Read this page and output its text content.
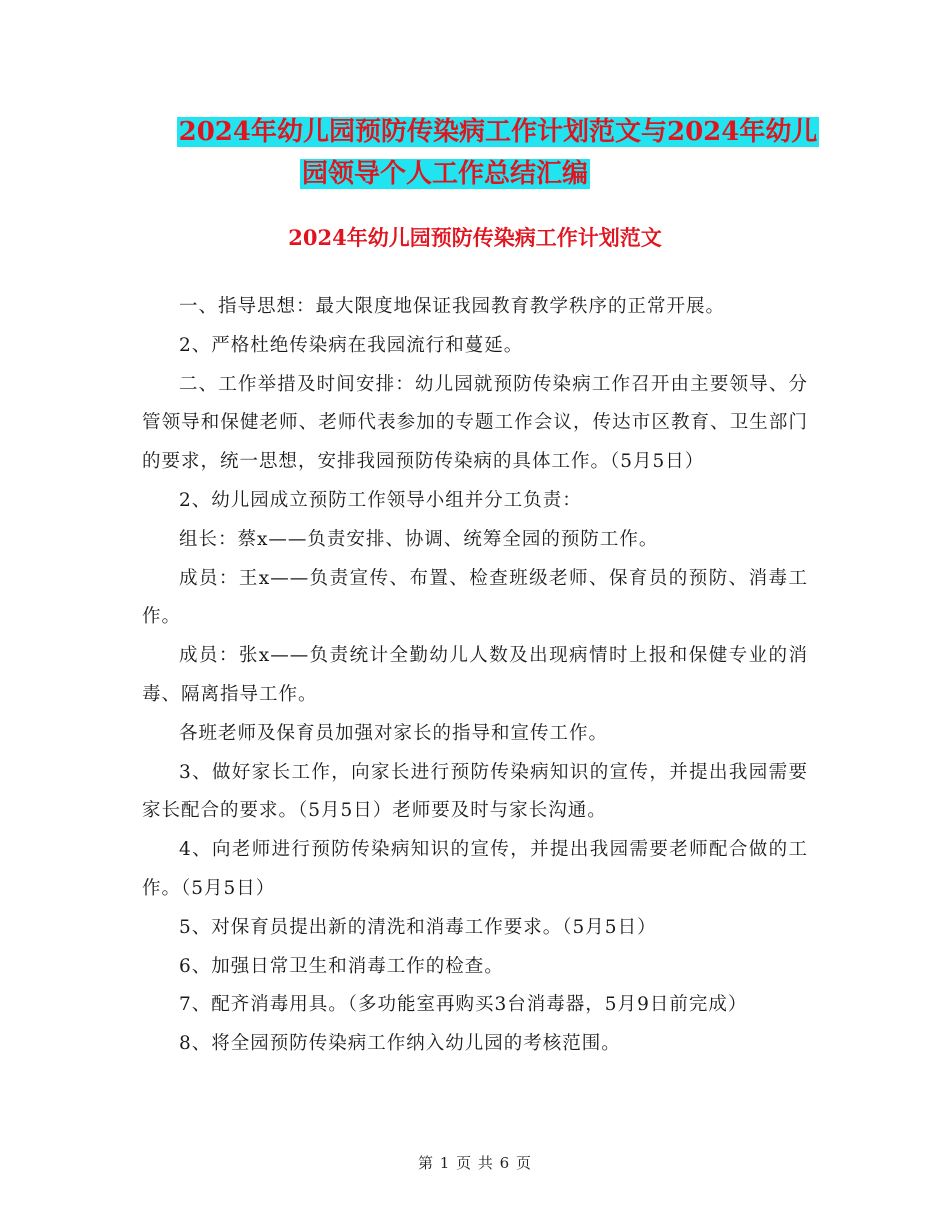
2024年幼儿园预防传染病工作计划范文与2024年幼儿
园领导个人工作总结汇编
2024年幼儿园预防传染病工作计划范文

一、指导思想：最大限度地保证我园教育教学秩序的正常开展。

2、严格杜绝传染病在我园流行和蔓延。

二、工作举措及时间安排：幼儿园就预防传染病工作召开由主要领导、分管领导和保健老师、老师代表参加的专题工作会议，传达市区教育、卫生部门的要求，统一思想，安排我园预防传染病的具体工作。（5月5日）

2、幼儿园成立预防工作领导小组并分工负责：

组长：蔡x——负责安排、协调、统筹全园的预防工作。

成员：王x——负责宣传、布置、检查班级老师、保育员的预防、消毒工作。

成员：张x——负责统计全勤幼儿人数及出现病情时上报和保健专业的消毒、隔离指导工作。

各班老师及保育员加强对家长的指导和宣传工作。

3、做好家长工作，向家长进行预防传染病知识的宣传，并提出我园需要家长配合的要求。（5月5日）老师要及时与家长沟通。

4、向老师进行预防传染病知识的宣传，并提出我园需要老师配合做的工作。（5月5日）

5、对保育员提出新的清洗和消毒工作要求。（5月5日）

6、加强日常卫生和消毒工作的检查。

7、配齐消毒用具。（多功能室再购买3台消毒器，5月9日前完成）

8、将全园预防传染病工作纳入幼儿园的考核范围。

第 1 页 共 6 页
